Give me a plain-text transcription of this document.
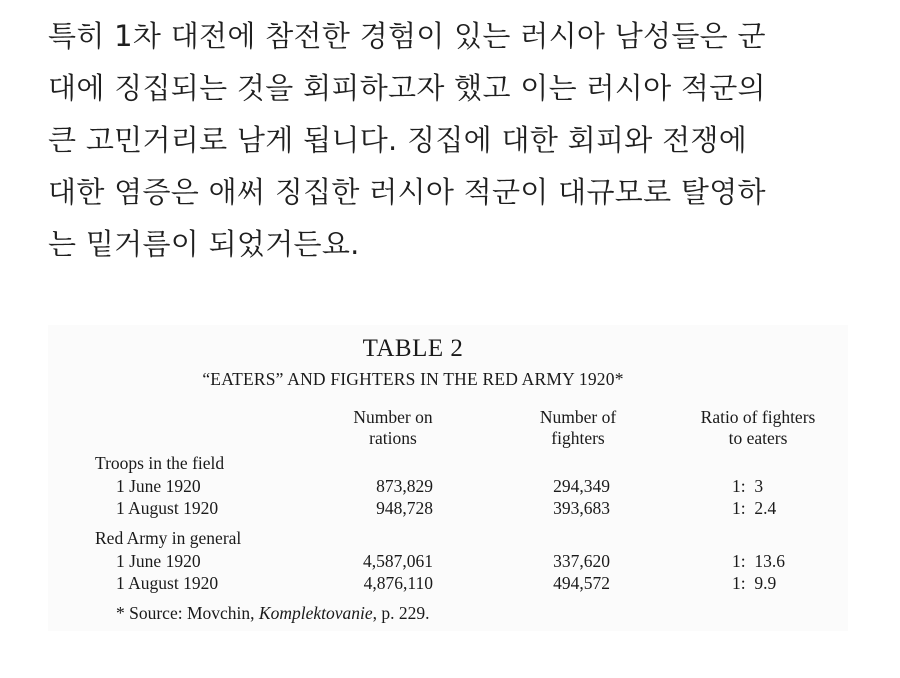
특히 1차 대전에 참전한 경험이 있는 러시아 남성들은 군
대에 징집되는 것을 회피하고자 했고 이는 러시아 적군의
큰 고민거리로 남게 됩니다. 징집에 대한 회피와 전쟁에
대한 염증은 애써 징집한 러시아 적군이 대규모로 탈영하
는 밑거름이 되었거든요.
TABLE 2
“EATERS” AND FIGHTERS IN THE RED ARMY 1920*
Number on
rations
Number of
fighters
Ratio of fighters
to eaters
Troops in the field
1 June 1920	873,829	294,349	1:  3
1 August 1920	948,728	393,683	1:  2.4
Red Army in general
1 June 1920	4,587,061	337,620	1:  13.6
1 August 1920	4,876,110	494,572	1:  9.9
* Source: Movchin, Komplektovanie, p. 229.
